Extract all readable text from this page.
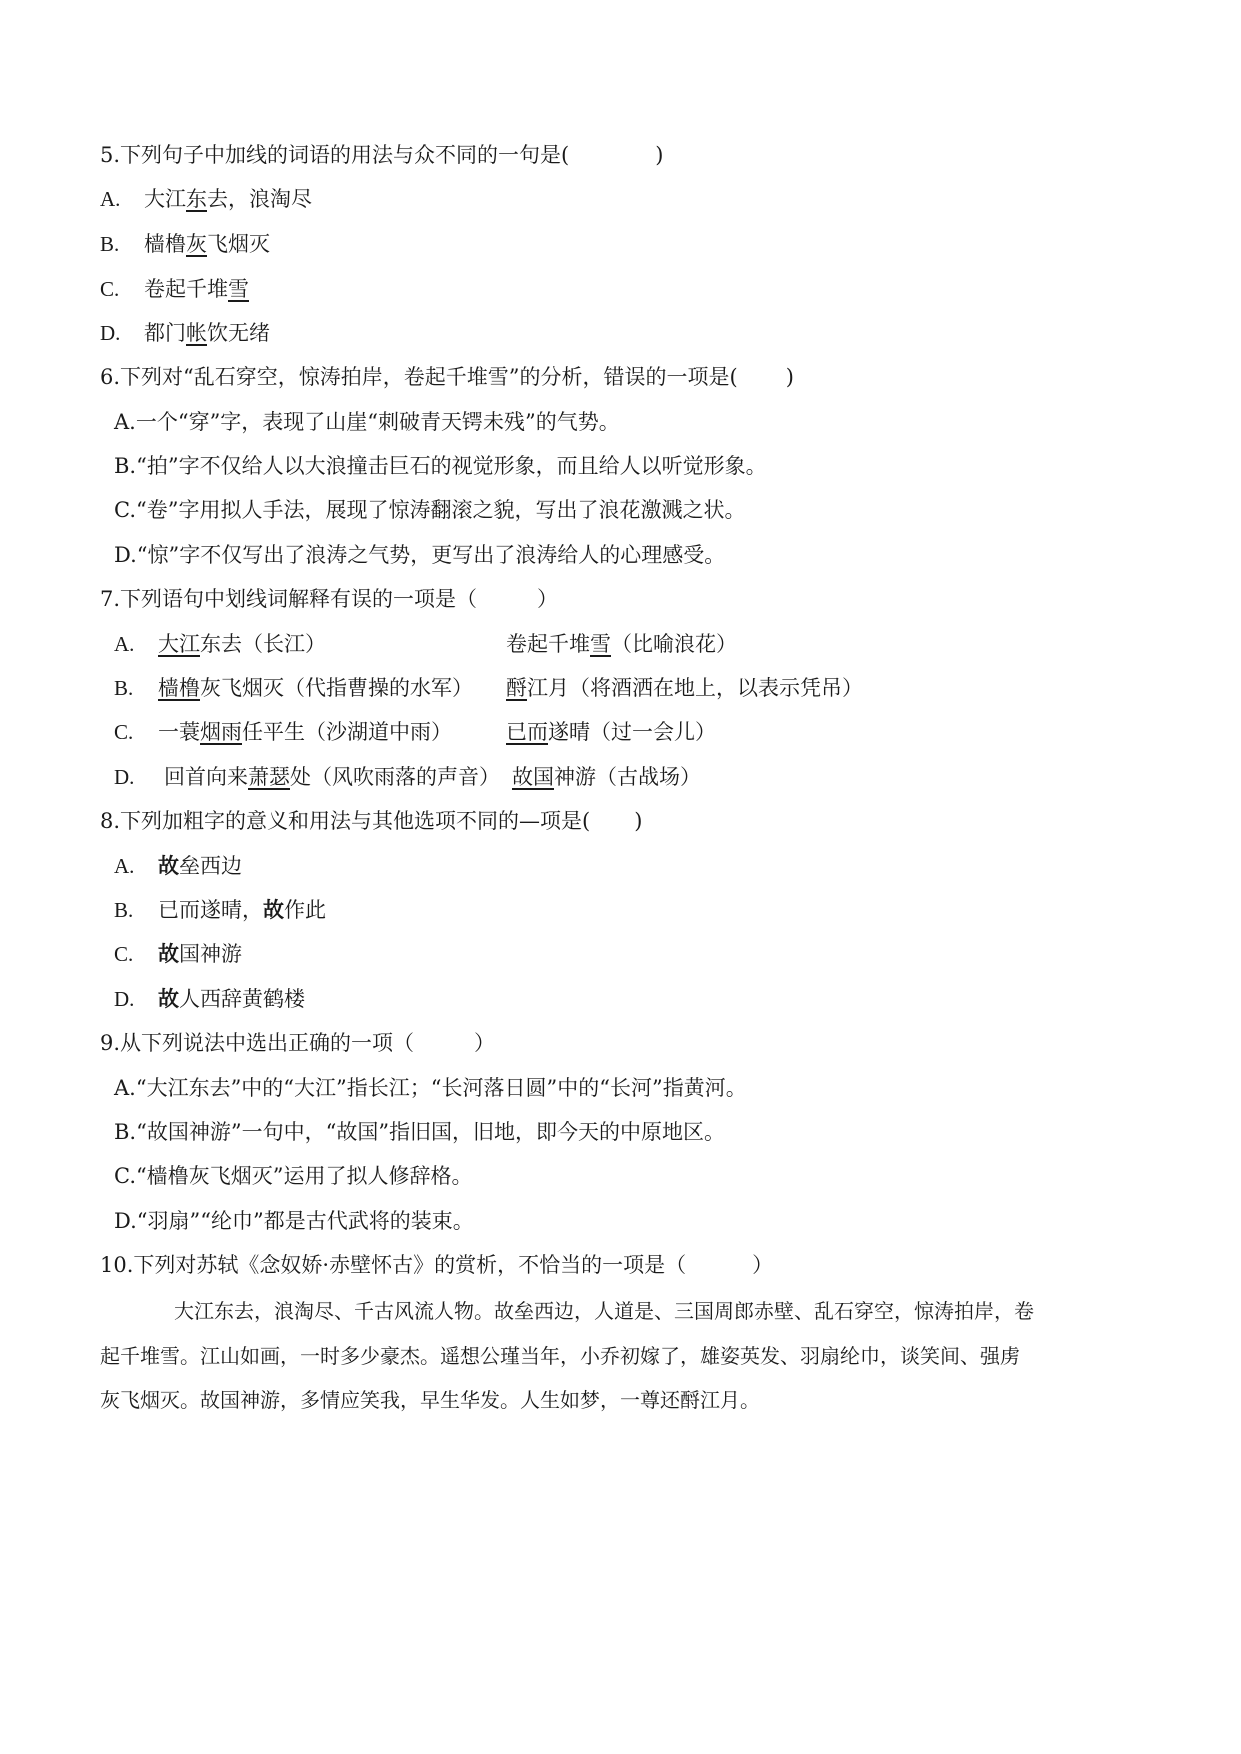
5.下列句子中加线的词语的用法与众不同的一句是(	)
A. 大江东去，浪淘尽
B. 樯橹灰飞烟灭
C. 卷起千堆雪
D. 都门帐饮无绪
6.下列对“乱石穿空，惊涛拍岸，卷起千堆雪”的分析，错误的一项是( )
A.一个“穿”字，表现了山崖“刺破青天锷未残”的气势。
B.“拍”字不仅给人以大浪撞击巨石的视觉形象，而且给人以听觉形象。
C.“卷”字用拟人手法，展现了惊涛翻滚之貌，写出了浪花激溅之状。
D.“惊”字不仅写出了浪涛之气势，更写出了浪涛给人的心理感受。
7.下列语句中划线词解释有误的一项是（	）
A. 大江东去（长江）	卷起千堆雪（比喻浪花）
B. 樯橹灰飞烟灭（代指曹操的水军） 酹江月（将酒洒在地上，以表示凭吊）
C. 一蓑烟雨任平生（沙湖道中雨）	已而遂晴（过一会儿）
D. 回首向来萧瑟处（风吹雨落的声音） 故国神游（古战场）
8.下列加粗字的意义和用法与其他选项不同的—项是( )
A. 故垒西边
B. 已而遂晴，故作此
C. 故国神游
D. 故人西辞黄鹤楼
9.从下列说法中选出正确的一项（	）
A.“大江东去”中的“大江”指长江；“长河落日圆”中的“长河”指黄河。
B.“故国神游”一句中，“故国”指旧国，旧地，即今天的中原地区。
C.“樯橹灰飞烟灭”运用了拟人修辞格。
D.“羽扇”“纶巾”都是古代武将的装束。
10.下列对苏轼《念奴娇·赤壁怀古》的赏析，不恰当的一项是（	）
大江东去，浪淘尽、千古风流人物。故垒西边，人道是、三国周郎赤壁、乱石穿空，惊涛拍岸，卷
起千堆雪。江山如画，一时多少豪杰。遥想公瑾当年，小乔初嫁了，雄姿英发、羽扇纶巾，谈笑间、强虏
灰飞烟灭。故国神游，多情应笑我，早生华发。人生如梦，一尊还酹江月。
